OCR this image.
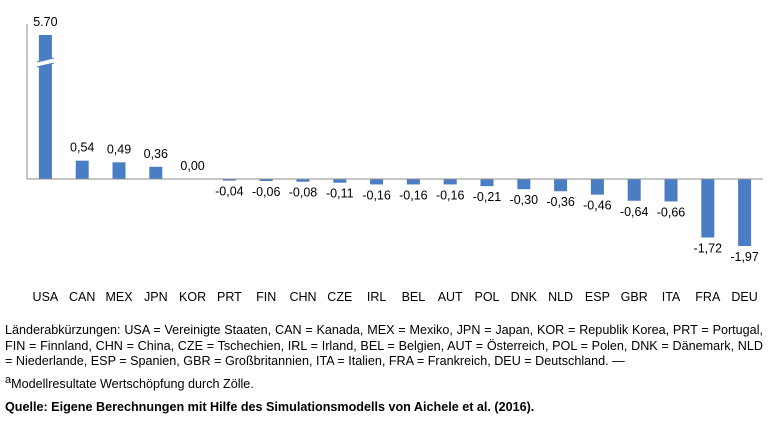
5.70
USA
0,54
CAN
0,49
MEX
0,36
JPN
0,00
KOR
-0,04
PRT
-0,06
FIN
-0,08
CHN
-0,11
CZE
-0,16
IRL
-0,16
BEL
-0,16
AUT
-0,21
POL
-0,30
DNK
-0,36
NLD
-0,46
ESP
-0,64
GBR
-0,66
ITA
-1,72
FRA
-1,97
DEU

Länderabkürzungen: USA = Vereinigte Staaten, CAN = Kanada, MEX = Mexiko, JPN = Japan, KOR = Republik Korea, PRT = Portugal, FIN = Finnland, CHN = China, CZE = Tschechien, IRL = Irland, BEL = Belgien, AUT = Österreich, POL = Polen, DNK = Dänemark, NLD = Niederlande, ESP = Spanien, GBR = Großbritannien, ITA = Italien, FRA = Frankreich, DEU = Deutschland. —

$^a$Modellresultate Wertschöpfung durch Zölle.
Quelle: Eigene Berechnungen mit Hilfe des Simulationsmodells von Aichele et al. (2016).
